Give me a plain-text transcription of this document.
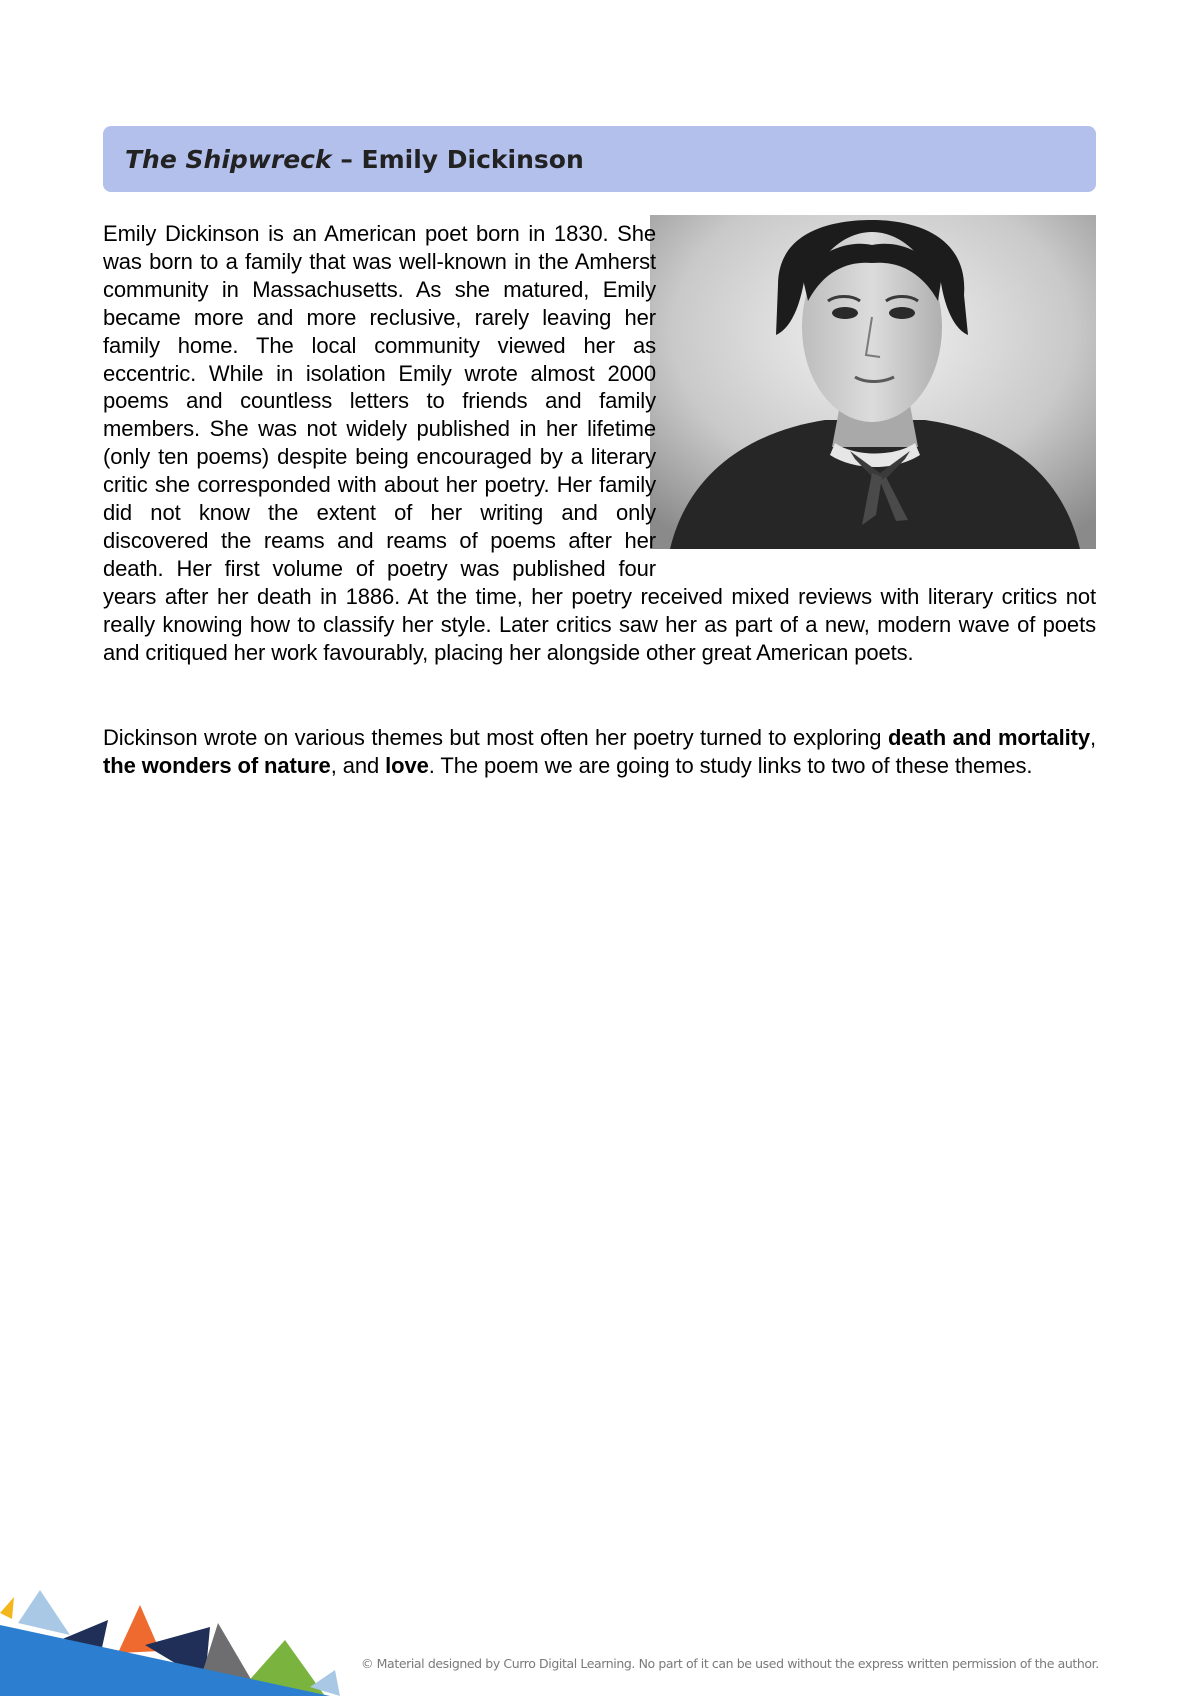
The Shipwreck – Emily Dickinson
Emily Dickinson is an American poet born in 1830. She was born to a family that was well-known in the Amherst community in Massachusetts. As she matured, Emily became more and more reclusive, rarely leaving her family home. The local community viewed her as eccentric. While in isolation Emily wrote almost 2000 poems and countless letters to friends and family members. She was not widely published in her lifetime (only ten poems) despite being encouraged by a literary critic she corresponded with about her poetry. Her family did not know the extent of her writing and only discovered the reams and reams of poems after her death. Her first volume of poetry was published four years after her death in 1886. At the time, her poetry received mixed reviews with literary critics not really knowing how to classify her style. Later critics saw her as part of a new, modern wave of poets and critiqued her work favourably, placing her alongside other great American poets.

Dickinson wrote on various themes but most often her poetry turned to exploring death and mortality, the wonders of nature, and love. The poem we are going to study links to two of these themes.

© Material designed by Curro Digital Learning. No part of it can be used without the express written permission of the author.
